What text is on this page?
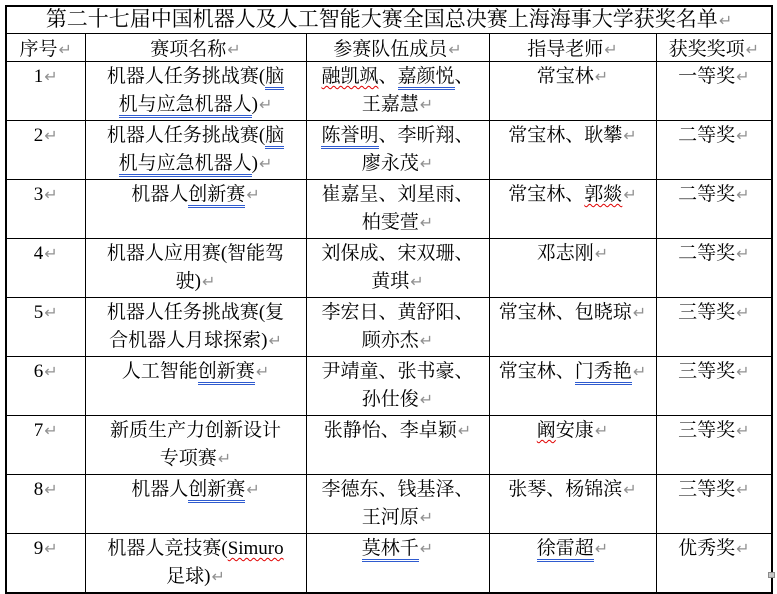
第二十七届中国机器人及人工智能大赛全国总决赛上海海事大学获奖名单↵				
序号↵	赛项名称↵	参赛队伍成员↵	指导老师↵	获奖奖项↵
1↵	机器人任务挑战赛(脑机与应急机器人)↵	融凯飒、嘉颜悦、王嘉慧↵	常宝林↵	一等奖↵
2↵	机器人任务挑战赛(脑机与应急机器人)↵	陈誉明、李昕翔、廖永茂↵	常宝林、耿攀↵	二等奖↵
3↵	机器人创新赛↵	崔嘉呈、刘星雨、柏雯萱↵	常宝林、郭燚↵	二等奖↵
4↵	机器人应用赛(智能驾驶)↵	刘保成、宋双珊、黄琪↵	邓志刚↵	二等奖↵
5↵	机器人任务挑战赛(复合机器人月球探索)↵	李宏日、黄舒阳、顾亦杰↵	常宝林、包晓琼↵	三等奖↵
6↵	人工智能创新赛↵	尹靖童、张书豪、孙仕俊↵	常宝林、门秀艳↵	三等奖↵
7↵	新质生产力创新设计专项赛↵	张静怡、李卓颖↵	阚安康↵	三等奖↵
8↵	机器人创新赛↵	李德东、钱基泽、王河原↵	张琴、杨锦滨↵	三等奖↵
9↵	机器人竞技赛(Simuro足球)↵	莫林千↵	徐雷超↵	优秀奖↵
